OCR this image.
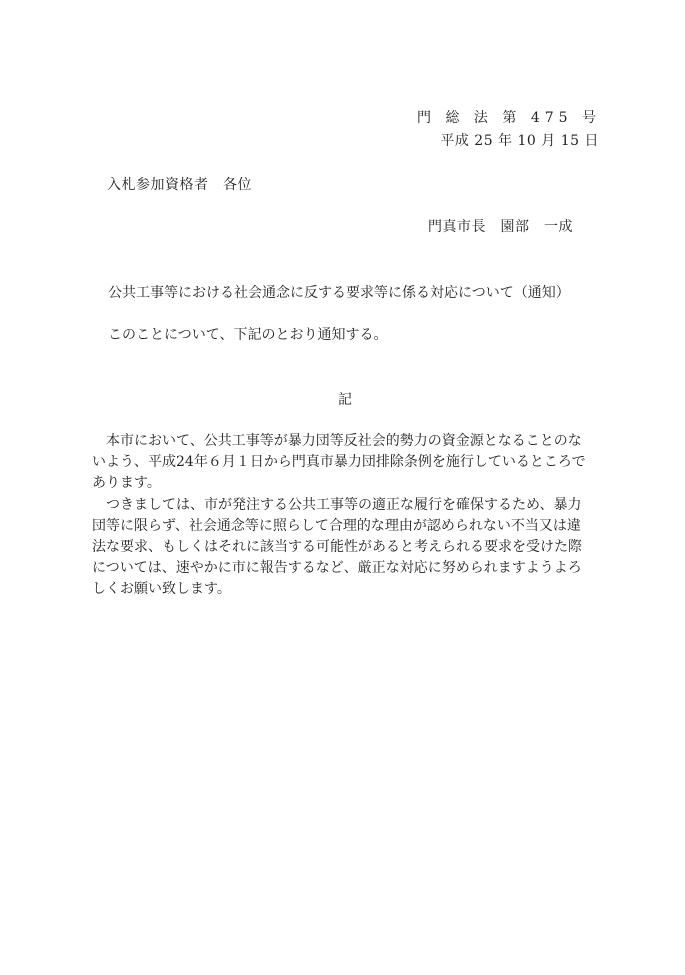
門 総 法 第 475 号
平成 25 年 10 月 15 日
入札参加資格者　各位
門真市長　園部　一成
公共工事等における社会通念に反する要求等に係る対応について（通知）
このことについて、下記のとおり通知する。
記
　本市において、公共工事等が暴力団等反社会的勢力の資金源となることのな
いよう、平成24年６月１日から門真市暴力団排除条例を施行しているところで
あります。
　つきましては、市が発注する公共工事等の適正な履行を確保するため、暴力
団等に限らず、社会通念等に照らして合理的な理由が認められない不当又は違
法な要求、もしくはそれに該当する可能性があると考えられる要求を受けた際
については、速やかに市に報告するなど、厳正な対応に努められますようよろ
しくお願い致します。
